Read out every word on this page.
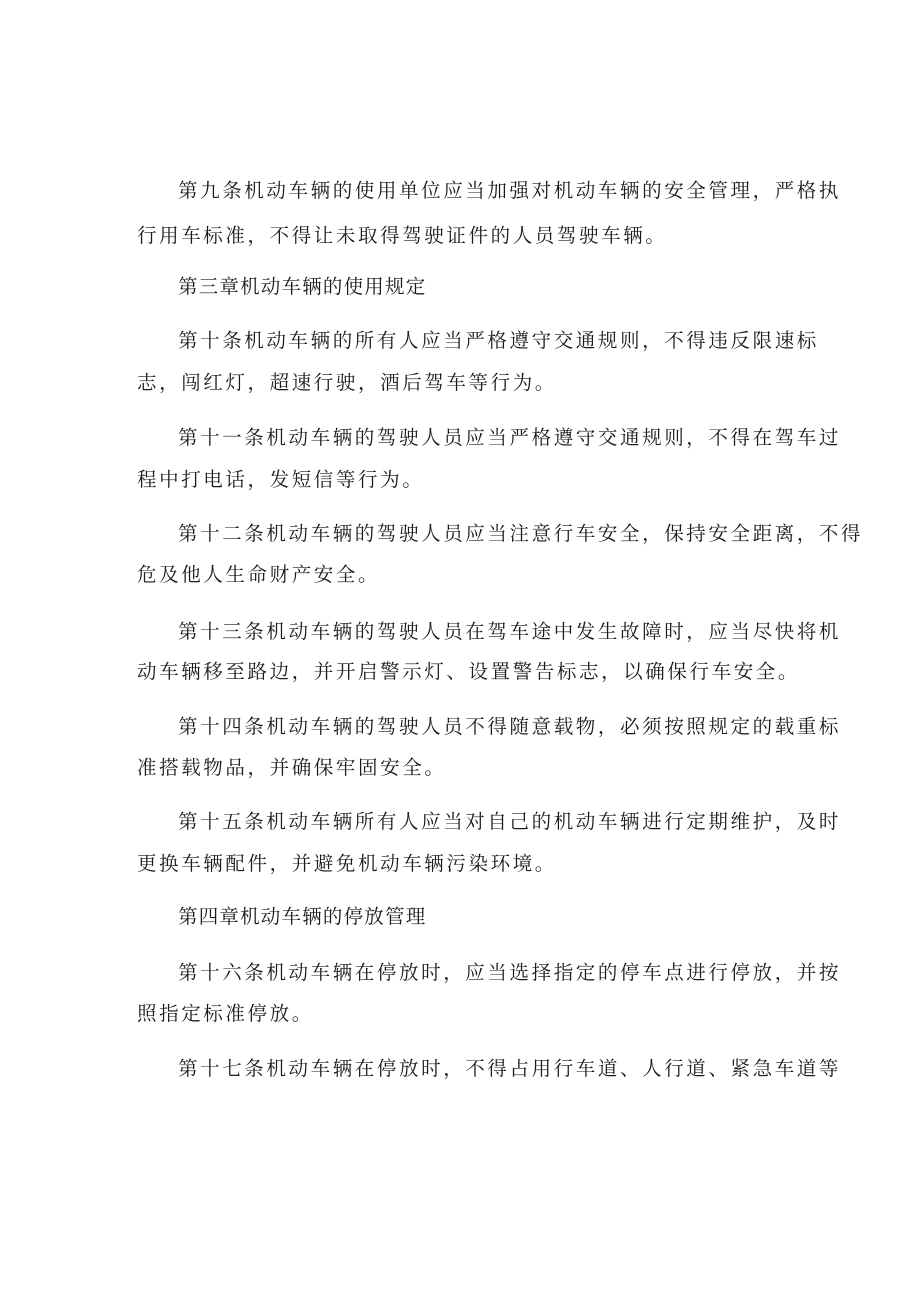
第九条机动车辆的使用单位应当加强对机动车辆的安全管理，严格执

行用车标准，不得让未取得驾驶证件的人员驾驶车辆。

第三章机动车辆的使用规定

第十条机动车辆的所有人应当严格遵守交通规则，不得违反限速标

志，闯红灯，超速行驶，酒后驾车等行为。

第十一条机动车辆的驾驶人员应当严格遵守交通规则，不得在驾车过

程中打电话，发短信等行为。

第十二条机动车辆的驾驶人员应当注意行车安全，保持安全距离，不得

危及他人生命财产安全。

第十三条机动车辆的驾驶人员在驾车途中发生故障时，应当尽快将机

动车辆移至路边，并开启警示灯、设置警告标志，以确保行车安全。

第十四条机动车辆的驾驶人员不得随意载物，必须按照规定的载重标

准搭载物品，并确保牢固安全。

第十五条机动车辆所有人应当对自己的机动车辆进行定期维护，及时

更换车辆配件，并避免机动车辆污染环境。

第四章机动车辆的停放管理

第十六条机动车辆在停放时，应当选择指定的停车点进行停放，并按

照指定标准停放。

第十七条机动车辆在停放时，不得占用行车道、人行道、紧急车道等
